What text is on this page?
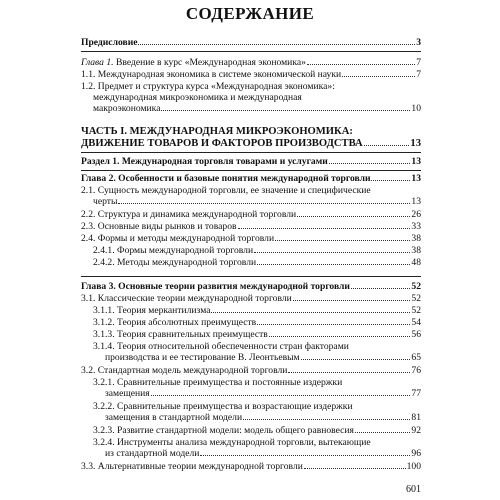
СОДЕРЖАНИЕ
Предисловие	3
Глава 1. Введение в курс «Международная экономика»	7
1.1. Международная экономика в системе экономической науки	7
1.2. Предмет и структура курса «Международная экономика»:
международная микроэкономика и международная
макроэкономика	10
ЧАСТЬ I. МЕЖДУНАРОДНАЯ МИКРОЭКОНОМИКА:
ДВИЖЕНИЕ ТОВАРОВ И ФАКТОРОВ ПРОИЗВОДСТВА	13
Раздел 1. Международная торговля товарами и услугами	13
Глава 2. Особенности и базовые понятия международной торговли	13
2.1. Сущность международной торговли, ее значение и специфические
черты	13
2.2. Структура и динамика международной торговли	26
2.3. Основные виды рынков и товаров	33
2.4. Формы и методы международной торговли	38
2.4.1. Формы международной торговли	38
2.4.2. Методы международной торговли	48
Глава 3. Основные теории развития международной торговли	52
3.1. Классические теории международной торговли	52
3.1.1. Теория меркантилизма	52
3.1.2. Теория абсолютных преимуществ	54
3.1.3. Теория сравнительных преимуществ	56
3.1.4. Теория относительной обеспеченности стран факторами
производства и ее тестирование В. Леонтьевым	65
3.2. Стандартная модель международной торговли	76
3.2.1. Сравнительные преимущества и постоянные издержки
замещения	77
3.2.2. Сравнительные преимущества и возрастающие издержки
замещения в стандартной модели	81
3.2.3. Развитие стандартной модели: модель общего равновесия	92
3.2.4. Инструменты анализа международной торговли, вытекающие
из стандартной модели	96
3.3. Альтернативные теории международной торговли	100
601
